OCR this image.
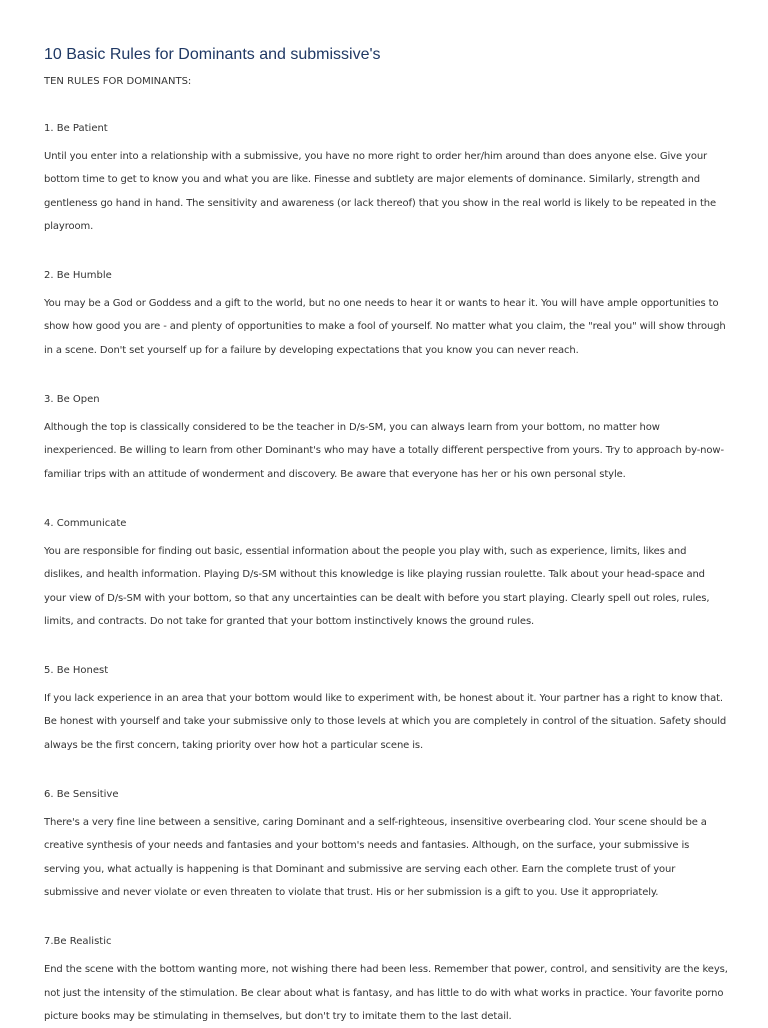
10 Basic Rules for Dominants and submissive's

TEN RULES FOR DOMINANTS:

1. Be Patient

Until you enter into a relationship with a submissive, you have no more right to order her/him around than does anyone else. Give your bottom time to get to know you and what you are like. Finesse and subtlety are major elements of dominance. Similarly, strength and gentleness go hand in hand. The sensitivity and awareness (or lack thereof) that you show in the real world is likely to be repeated in the playroom.

2. Be Humble

You may be a God or Goddess and a gift to the world, but no one needs to hear it or wants to hear it. You will have ample opportunities to show how good you are - and plenty of opportunities to make a fool of yourself. No matter what you claim, the "real you" will show through in a scene. Don't set yourself up for a failure by developing expectations that you know you can never reach.

3. Be Open

Although the top is classically considered to be the teacher in D/s-SM, you can always learn from your bottom, no matter how inexperienced. Be willing to learn from other Dominant's who may have a totally different perspective from yours. Try to approach by-now-familiar trips with an attitude of wonderment and discovery. Be aware that everyone has her or his own personal style.

4. Communicate

You are responsible for finding out basic, essential information about the people you play with, such as experience, limits, likes and dislikes, and health information. Playing D/s-SM without this knowledge is like playing russian roulette. Talk about your head-space and your view of D/s-SM with your bottom, so that any uncertainties can be dealt with before you start playing. Clearly spell out roles, rules, limits, and contracts. Do not take for granted that your bottom instinctively knows the ground rules.

5. Be Honest

If you lack experience in an area that your bottom would like to experiment with, be honest about it. Your partner has a right to know that. Be honest with yourself and take your submissive only to those levels at which you are completely in control of the situation. Safety should always be the first concern, taking priority over how hot a particular scene is.

6. Be Sensitive

There's a very fine line between a sensitive, caring Dominant and a self-righteous, insensitive overbearing clod. Your scene should be a creative synthesis of your needs and fantasies and your bottom's needs and fantasies. Although, on the surface, your submissive is serving you, what actually is happening is that Dominant and submissive are serving each other. Earn the complete trust of your submissive and never violate or even threaten to violate that trust. His or her submission is a gift to you. Use it appropriately.

7.Be Realistic

End the scene with the bottom wanting more, not wishing there had been less. Remember that power, control, and sensitivity are the keys, not just the intensity of the stimulation. Be clear about what is fantasy, and has little to do with what works in practice. Your favorite porno picture books may be stimulating in themselves, but don't try to imitate them to the last detail.
